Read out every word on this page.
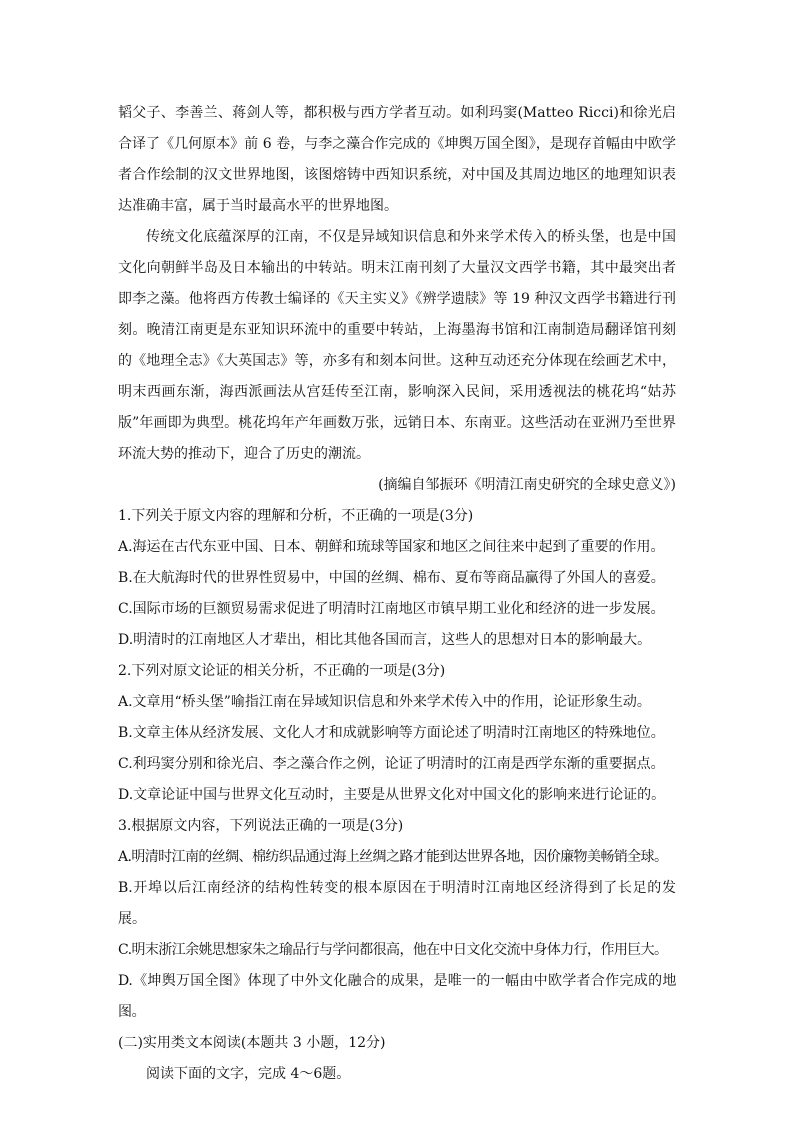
韬父子、李善兰、蒋剑人等，都积极与西方学者互动。如利玛窦(Matteo Ricci)和徐光启合译了《几何原本》前 6 卷，与李之藻合作完成的《坤舆万国全图》，是现存首幅由中欧学者合作绘制的汉文世界地图，该图熔铸中西知识系统，对中国及其周边地区的地理知识表达准确丰富，属于当时最高水平的世界地图。

传统文化底蕴深厚的江南，不仅是异域知识信息和外来学术传入的桥头堡，也是中国文化向朝鲜半岛及日本输出的中转站。明末江南刊刻了大量汉文西学书籍，其中最突出者即李之藻。他将西方传教士编译的《天主实义》《辨学遗牍》等 19 种汉文西学书籍进行刊刻。晚清江南更是东亚知识环流中的重要中转站，上海墨海书馆和江南制造局翻译馆刊刻的《地理全志》《大英国志》等，亦多有和刻本问世。这种互动还充分体现在绘画艺术中，明末西画东渐，海西派画法从宫廷传至江南，影响深入民间，采用透视法的桃花坞“姑苏版”年画即为典型。桃花坞年产年画数万张，远销日本、东南亚。这些活动在亚洲乃至世界环流大势的推动下，迎合了历史的潮流。

(摘编自邹振环《明清江南史研究的全球史意义》)

1.下列关于原文内容的理解和分析，不正确的一项是(3分)

A.海运在古代东亚中国、日本、朝鲜和琉球等国家和地区之间往来中起到了重要的作用。

B.在大航海时代的世界性贸易中，中国的丝绸、棉布、夏布等商品赢得了外国人的喜爱。

C.国际市场的巨额贸易需求促进了明清时江南地区市镇早期工业化和经济的进一步发展。

D.明清时的江南地区人才辈出，相比其他各国而言，这些人的思想对日本的影响最大。

2.下列对原文论证的相关分析，不正确的一项是(3分)

A.文章用“桥头堡”喻指江南在异域知识信息和外来学术传入中的作用，论证形象生动。

B.文章主体从经济发展、文化人才和成就影响等方面论述了明清时江南地区的特殊地位。

C.利玛窦分别和徐光启、李之藻合作之例，论证了明清时的江南是西学东渐的重要据点。

D.文章论证中国与世界文化互动时，主要是从世界文化对中国文化的影响来进行论证的。

3.根据原文内容，下列说法正确的一项是(3分)

A.明清时江南的丝绸、棉纺织品通过海上丝绸之路才能到达世界各地，因价廉物美畅销全球。

B.开埠以后江南经济的结构性转变的根本原因在于明清时江南地区经济得到了长足的发展。

C.明末浙江余姚思想家朱之瑜品行与学问都很高，他在中日文化交流中身体力行，作用巨大。

D.《坤舆万国全图》体现了中外文化融合的成果，是唯一的一幅由中欧学者合作完成的地图。

(二)实用类文本阅读(本题共 3 小题，12分)

阅读下面的文字，完成 4～6题。
